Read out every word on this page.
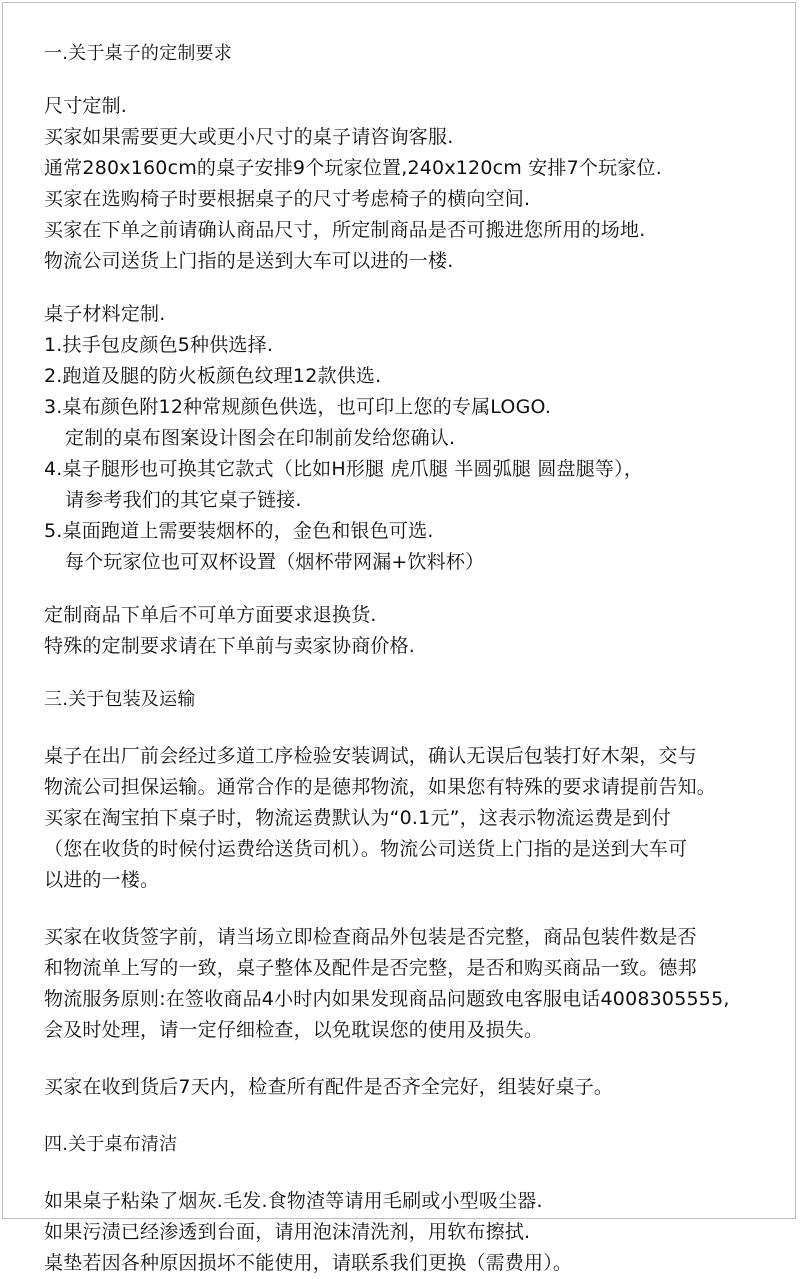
一.关于桌子的定制要求
尺寸定制.
买家如果需要更大或更小尺寸的桌子请咨询客服.
通常280x160cm的桌子安排9个玩家位置,240x120cm 安排7个玩家位.
买家在选购椅子时要根据桌子的尺寸考虑椅子的横向空间.
买家在下单之前请确认商品尺寸，所定制商品是否可搬进您所用的场地.
物流公司送货上门指的是送到大车可以进的一楼.
桌子材料定制.
1.扶手包皮颜色5种供选择.
2.跑道及腿的防火板颜色纹理12款供选.
3.桌布颜色附12种常规颜色供选，也可印上您的专属LOGO.
定制的桌布图案设计图会在印制前发给您确认.
4.桌子腿形也可换其它款式（比如H形腿 虎爪腿 半圆弧腿 圆盘腿等），
请参考我们的其它桌子链接.
5.桌面跑道上需要装烟杯的，金色和银色可选.
每个玩家位也可双杯设置（烟杯带网漏+饮料杯）
定制商品下单后不可单方面要求退换货.
特殊的定制要求请在下单前与卖家协商价格.
三.关于包装及运输
桌子在出厂前会经过多道工序检验安装调试，确认无误后包装打好木架，交与
物流公司担保运输。通常合作的是德邦物流，如果您有特殊的要求请提前告知。
买家在淘宝拍下桌子时，物流运费默认为“0.1元”，这表示物流运费是到付
（您在收货的时候付运费给送货司机）。物流公司送货上门指的是送到大车可
以进的一楼。
买家在收货签字前，请当场立即检查商品外包装是否完整，商品包装件数是否
和物流单上写的一致，桌子整体及配件是否完整，是否和购买商品一致。德邦
物流服务原则:在签收商品4小时内如果发现商品问题致电客服电话4008305555,
会及时处理，请一定仔细检查，以免耽误您的使用及损失。
买家在收到货后7天内，检查所有配件是否齐全完好，组装好桌子。
四.关于桌布清洁
如果桌子粘染了烟灰.毛发.食物渣等请用毛刷或小型吸尘器.
如果污渍已经渗透到台面，请用泡沫清洗剂，用软布擦拭.
桌垫若因各种原因损坏不能使用，请联系我们更换（需费用）。
